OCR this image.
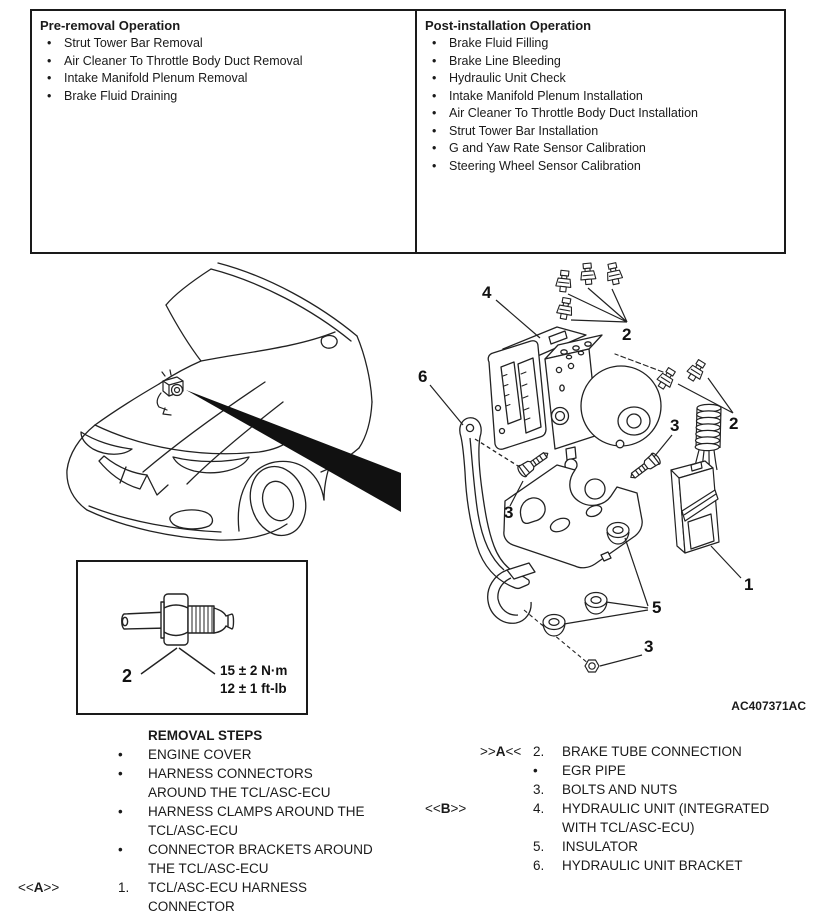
Pre-removal Operation
•	Strut Tower Bar Removal
•	Air Cleaner To Throttle Body Duct Removal
•	Intake Manifold Plenum Removal
•	Brake Fluid Draining
Post-installation Operation
•	Brake Fluid Filling
•	Brake Line Bleeding
•	Hydraulic Unit Check
•	Intake Manifold Plenum Installation
•	Air Cleaner To Throttle Body Duct Installation
•	Strut Tower Bar Installation
•	G and Yaw Rate Sensor Calibration
•	Steering Wheel Sensor Calibration
2
2
4
6
1
5
3
3
3
2	15 ± 2 N·m
12 ± 1 ft-lb
AC407371AC
REMOVAL STEPS
•	ENGINE COVER
•	HARNESS CONNECTORS
AROUND THE TCL/ASC-ECU
•	HARNESS CLAMPS AROUND THE
TCL/ASC-ECU
•	CONNECTOR BRACKETS AROUND
THE TCL/ASC-ECU
<<A>>	1.	TCL/ASC-ECU HARNESS
CONNECTOR
>>A<< 2.	BRAKE TUBE CONNECTION
•	EGR PIPE
3.	BOLTS AND NUTS
<<B>>	4.	HYDRAULIC UNIT (INTEGRATED
WITH TCL/ASC-ECU)
5.	INSULATOR
6.	HYDRAULIC UNIT BRACKET
